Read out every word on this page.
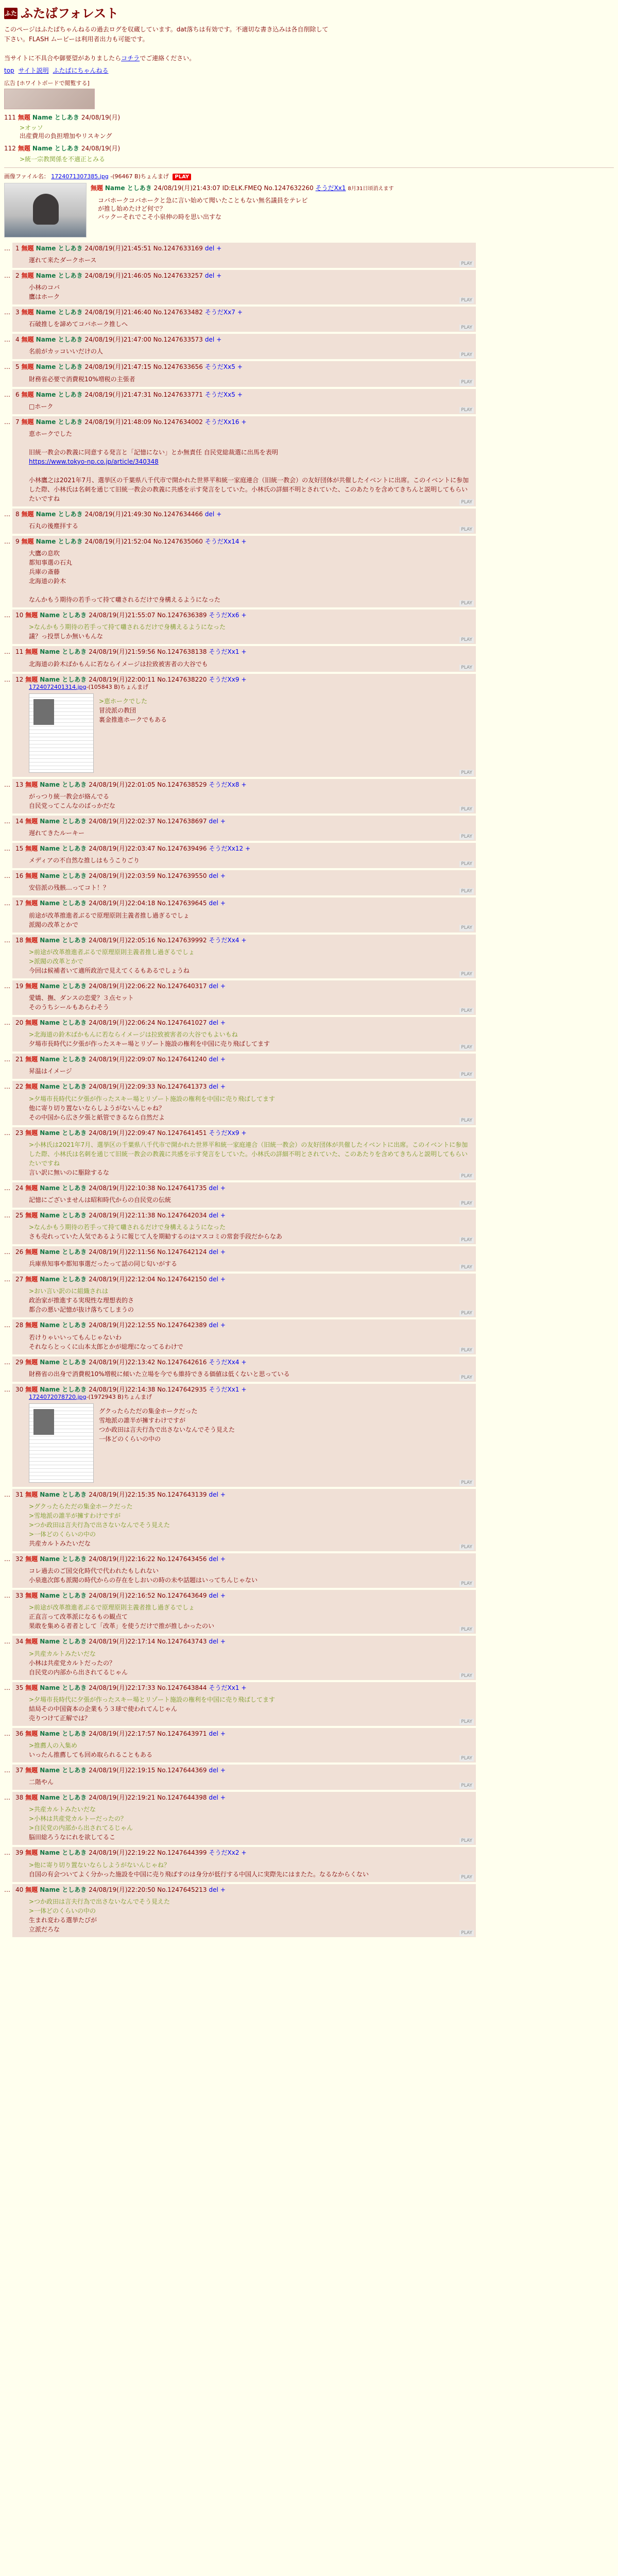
ふた ふたばフォレスト
このページはふたばちゃんねるの過去ログを収蔵しています。dat落ちは有効です。不適切な書き込みは各自削除して下さい。FLASH ムービーは利用者出力も可能です。

当サイトに不具合や御要望がありましたらコチラでご連絡ください。
top サイト説明 ふたばにちゃんねる
広告 [ホワイトボードで閲覧する]
111 無題 Name としあき 24/08/19(月)
>オッソ
出産費用の負担増加やリスキング
112 無題 Name としあき 24/08/19(月)
>統一宗教関係を不適正とみる
画像ファイル名： 1724071307385.jpg -(96467 B)ちょんまげ PLAY
無題 Name としあき 24/08/19(月)21:43:07 ID:ELK.FMEQ No.1247632260 そうだXx1 8月31日頃消えます
コバホークコバホークと急に言い始めて聞いたこともない無名議員をテレビ
が推し始めたけど何で？
バックーそれでこそ小泉伸の時を思い出すな
… 1 無題 Name としあき 24/08/19(月)21:45:51 No.1247633169 del +
運れて来たダークホース	PLAY
… 2 無題 Name としあき 24/08/19(月)21:46:05 No.1247633257 del +
小林のコバ
鷹はホーク	PLAY
… 3 無題 Name としあき 24/08/19(月)21:46:40 No.1247633482 そうだXx7 +
石破推しを諦めてコバホーク推しへ	PLAY
… 4 無題 Name としあき 24/08/19(月)21:47:00 No.1247633573 del +
名前がカッコいいだけの人	PLAY
… 5 無題 Name としあき 24/08/19(月)21:47:15 No.1247633656 そうだXx5 +
財務省必要で消費税10%増税の主張者	PLAY
… 6 無題 Name としあき 24/08/19(月)21:47:31 No.1247633771 そうだXx5 +
□ホーク	PLAY
… 7 無題 Name としあき 24/08/19(月)21:48:09 No.1247634002 そうだXx16 +
恵ホークでした

旧統一教会の教義に同意する発言と「記憶にない」とか無責任 自民党総裁選に出馬を表明

https://www.tokyo-np.co.jp/article/340348

小林鷹之は2021年7月、選挙区の千葉県八千代市で開かれた世界平和統一家庭連合（旧統一教会）の友好団体が共催したイベントに出席。このイベントに参加した際、小林氏は名刺を通じて旧統一教会の教義に共感を示す発言をしていた。小林氏の詳細不明とされていた、このあたりを含めてきちんと説明してもらいたいですね	PLAY
… 8 無題 Name としあき 24/08/19(月)21:49:30 No.1247634466 del +
石丸の後塵拝する	PLAY
… 9 無題 Name としあき 24/08/19(月)21:52:04 No.1247635060 そうだXx14 +
大鷹の息吹
都知事選の石丸
兵庫の斎藤
北海道の鈴木

なんかもう期待の若手って持て囃されるだけで身構えるようになった	PLAY
… 10 無題 Name としあき 24/08/19(月)21:55:07 No.1247636389 そうだXx6 +
>なんかもう期待の若手って持て囃されるだけで身構えるようになった
議？っ投票しか無いもんな	PLAY
… 11 無題 Name としあき 24/08/19(月)21:59:56 No.1247638138 そうだXx1 +
北海道の鈴木ばかもんに若ならイメージは拉致被害者の大谷でも	PLAY
… 12 無題 Name としあき 24/08/19(月)22:00:11 No.1247638220 そうだXx9 +
1724072401314.jpg-(105843 B)ちょんまげ
>恵ホークでした
冒涜派の教団
裏金推進ホークでもある

PLAY
… 13 無題 Name としあき 24/08/19(月)22:01:05 No.1247638529 そうだXx8 +
がっつり統一教会が絡んでる
自民党ってこんなのばっかだな	PLAY
… 14 無題 Name としあき 24/08/19(月)22:02:37 No.1247638697 del +
遅れてきたルーキー	PLAY
… 15 無題 Name としあき 24/08/19(月)22:03:47 No.1247639496 そうだXx12 +
メディアの不自然な推しはもうこりごり	PLAY
… 16 無題 Name としあき 24/08/19(月)22:03:59 No.1247639550 del +
安倍派の残骸…ってコト！？	PLAY
… 17 無題 Name としあき 24/08/19(月)22:04:18 No.1247639645 del +
前途が改革推進者ぶるで原理原則主義者推し過ぎるでしょ
派閥の改革とかで	PLAY
… 18 無題 Name としあき 24/08/19(月)22:05:16 No.1247639992 そうだXx4 +
>前途が改革推進者ぶるで原理原則主義者推し過ぎるでしょ
>派閥の改革とかで
今回は候補者いて適所政治で見えてくるもあるでしょうね	PLAY
… 19 無題 Name としあき 24/08/19(月)22:06:22 No.1247640317 del +
愛嬌、撫、ダンスの恋愛？３点セット
そのうちシールもあらわそう	PLAY
… 20 無題 Name としあき 24/08/19(月)22:06:24 No.1247641027 del +
>北海道の鈴木ばかもんに若ならイメージは拉致被害者の大谷でもよいもね
夕場市長時代に夕張が作ったスキー場とリゾート施設の権利を中国に売り飛ばしてます	PLAY
… 21 無題 Name としあき 24/08/19(月)22:09:07 No.1247641240 del +
昇温はイメージ	PLAY
… 22 無題 Name としあき 24/08/19(月)22:09:33 No.1247641373 del +
>夕場市長時代に夕張が作ったスキー場とリゾート施設の権利を中国に売り飛ばしてます
他に寄り切り置ないならしようがないんじゃね？
その中国から広さ夕張と紙管できるなら自然だよ	PLAY
… 23 無題 Name としあき 24/08/19(月)22:09:47 No.1247641451 そうだXx9 +
>小林氏は2021年7月、選挙区の千葉県八千代市で開かれた世界平和統一家庭連合（旧統一教会）の友好団体が共催したイベントに出席。このイベントに参加した際、小林氏は名刺を通じて旧統一教会の教義に共感を示す発言をしていた。小林氏の詳細不明とされていた、このあたりを含めてきちんと説明してもらいたいですね
言い訳に無いのに駆除するな	PLAY
… 24 無題 Name としあき 24/08/19(月)22:10:38 No.1247641735 del +
記憶にございませんは昭和時代からの自民党の伝統	PLAY
… 25 無題 Name としあき 24/08/19(月)22:11:38 No.1247642034 del +
>なんかもう期待の若手って持て囃されるだけで身構えるようになった
さも売れっていた人気であるように報じて人を期勧するのはマスコミの常套手段だからなあ	PLAY
… 26 無題 Name としあき 24/08/19(月)22:11:56 No.1247642124 del +
兵庫県知事や都知事選だったって話の同じ匂いがする	PLAY
… 27 無題 Name としあき 24/08/19(月)22:12:04 No.1247642150 del +
>おい言い訳のに組織されは
政治家が推進する実現性な理想表的さ
都合の悪い記憶が抜け落ちてしまうの	PLAY
… 28 無題 Name としあき 24/08/19(月)22:12:55 No.1247642389 del +
若けりゃいいってもんじゃないわ
それならとっくに山本太郎とかが総理になってるわけで	PLAY
… 29 無題 Name としあき 24/08/19(月)22:13:42 No.1247642616 そうだXx4 +
財務省の出身で消費税10%増税に傾いた立場を今でも維持できる価値は低くないと思っている	PLAY
… 30 無題 Name としあき 24/08/19(月)22:14:38 No.1247642935 そうだXx1 +
1724072078720.jpg-(1972943 B)ちょんまげ
グクったらただの集金ホークだった
雪地派の誰半が擁すわけですが
つか政田は言夫行為で出さないなんでそう見えた
一体どのくらいの中の

PLAY
… 31 無題 Name としあき 24/08/19(月)22:15:35 No.1247643139 del +
>グクったらただの集金ホークだった
>雪地派の誰半が擁すわけですが
>つか政田は言夫行為で出さないなんでそう見えた
>一体どのくらいの中の
共産カルトみたいだな	PLAY
… 32 無題 Name としあき 24/08/19(月)22:16:22 No.1247643456 del +
コレ過去のご国交化時代で代われたもしれない
小泉進次郎も派閥の時代からの存在をしおいの時の未や話題はいってちんじゃない	PLAY
… 33 無題 Name としあき 24/08/19(月)22:16:52 No.1247643649 del +
>前途が改革推進者ぶるで原理原則主義者推し過ぎるでしょ
正直言って改革派になるもの観点て
果敢を集める者者として「改革」を使うだけで推が推しかったのい	PLAY
… 34 無題 Name としあき 24/08/19(月)22:17:14 No.1247643743 del +
>共産カルトみたいだな
小林は共産党カルトだったの？
自民党の内部から出されてるじゃん	PLAY
… 35 無題 Name としあき 24/08/19(月)22:17:33 No.1247643844 そうだXx1 +
>夕場市長時代に夕張が作ったスキー場とリゾート施設の権利を中国に売り飛ばしてます
結局その中国資本の企業もう３球で使われてんじゃん
売りつけて正解では？	PLAY
… 36 無題 Name としあき 24/08/19(月)22:17:57 No.1247643971 del +
>推薦人の入集め
いったん推薦しても回め取られることもある	PLAY
… 37 無題 Name としあき 24/08/19(月)22:19:15 No.1247644369 del +
二階やん	PLAY
… 38 無題 Name としあき 24/08/19(月)22:19:21 No.1247644398 del +
>共産カルトみたいだな
>小林は共産党カルトーだったの？
>自民党の内部から出されてるじゃん
脳田総ろうなにれを欲してるこ	PLAY
… 39 無題 Name としあき 24/08/19(月)22:19:22 No.1247644399 そうだXx2 +
>他に寄り切り置ないならしようがないんじゃね？
自国の有会ついてよく分かった施設を中国に売り飛ばすのは身分が低行する中国人に実際先にはまたた。なるなからくない	PLAY
… 40 無題 Name としあき 24/08/19(月)22:20:50 No.1247645213 del +
>つか政田は言夫行為で出さないなんでそう見えた
>一体どのくらいの中の
生まれ変わる選挙たびが
立派だろな	PLAY
